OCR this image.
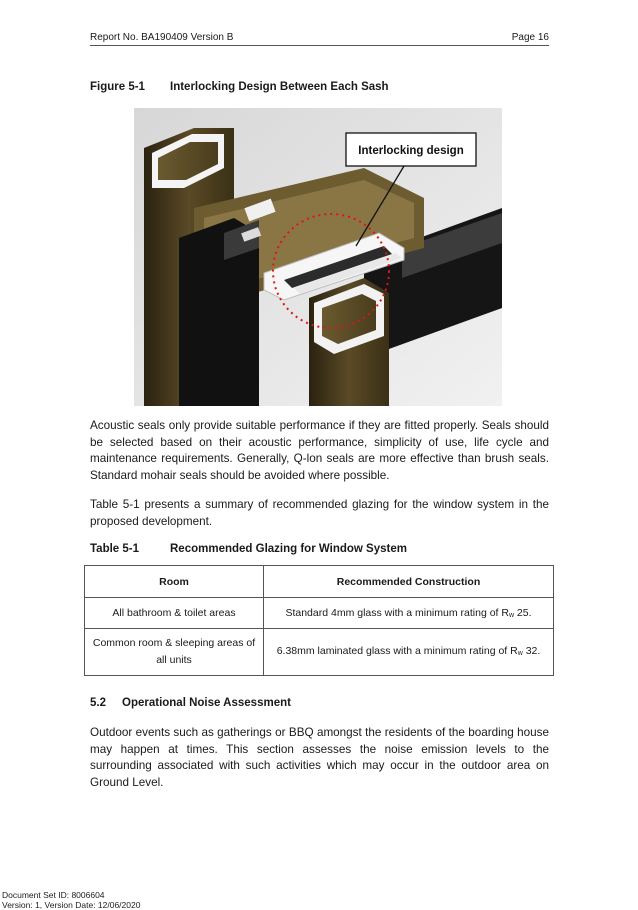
Report No. BA190409 Version B	Page 16
Figure 5-1 Interlocking Design Between Each Sash
Interlocking design

Acoustic seals only provide suitable performance if they are fitted properly. Seals should be selected based on their acoustic performance, simplicity of use, life cycle and maintenance requirements. Generally, Q-lon seals are more effective than brush seals. Standard mohair seals should be avoided where possible.

Table 5-1 presents a summary of recommended glazing for the window system in the proposed development.

Table 5-1	Recommended Glazing for Window System
Room	Recommended Construction
All bathroom & toilet areas	Standard 4mm glass with a minimum rating of $R_w$ 25.
Common room & sleeping areas of all units	6.38mm laminated glass with a minimum rating of $R_w$ 32.
5.2 Operational Noise Assessment

Outdoor events such as gatherings or BBQ amongst the residents of the boarding house may happen at times. This section assesses the noise emission levels to the surrounding associated with such activities which may occur in the outdoor area on Ground Level.

Document Set ID: 8006604
Version: 1, Version Date: 12/06/2020
